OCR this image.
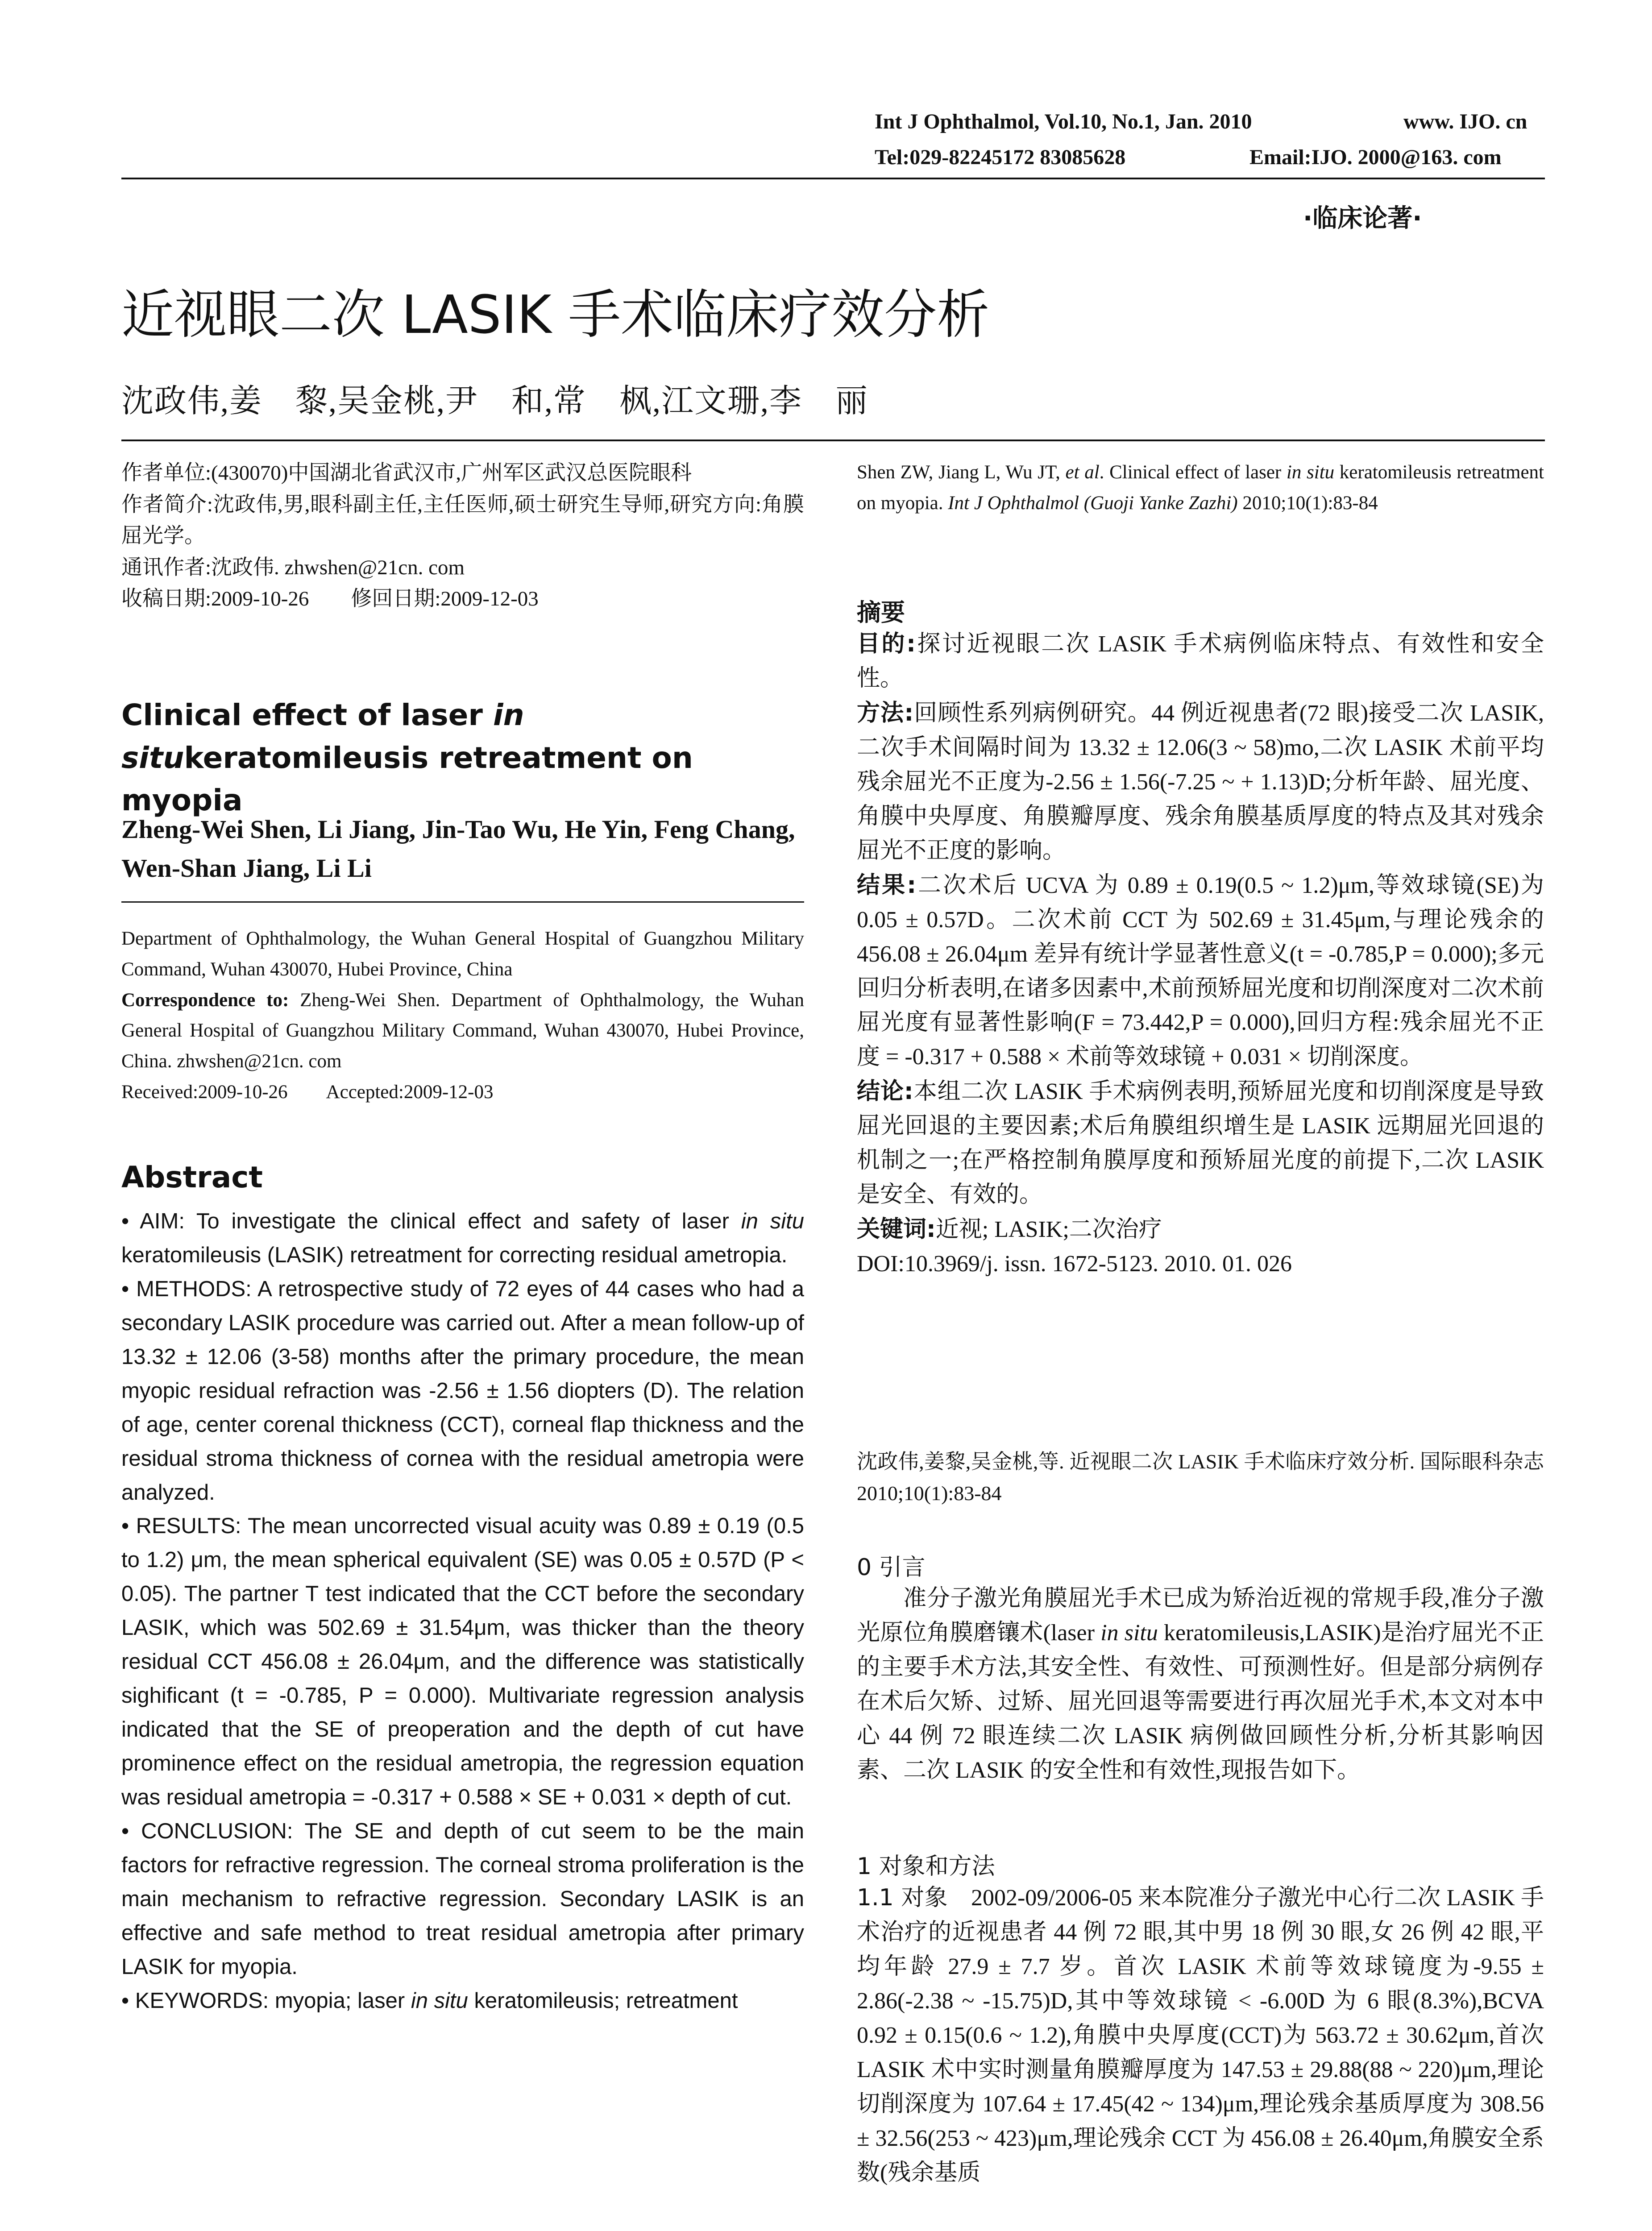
Int J Ophthalmol, Vol.10, No.1, Jan. 2010	www. IJO. cn
Tel:029-82245172 83085628	Email:IJO. 2000@163. com
·临床论著·
近视眼二次 LASIK 手术临床疗效分析
沈政伟,姜　黎,吴金桃,尹　和,常　枫,江文珊,李　丽

作者单位:(430070)中国湖北省武汉市,广州军区武汉总医院眼科

作者简介:沈政伟,男,眼科副主任,主任医师,硕士研究生导师,研究方向:角膜屈光学。

通讯作者:沈政伟. zhwshen@21cn. com

收稿日期:2009-10-26　　修回日期:2009-12-03

Clinical effect of laser in situkeratomileusis retreatment on myopia
Zheng-Wei Shen, Li Jiang, Jin-Tao Wu, He Yin, Feng Chang, Wen-Shan Jiang, Li Li

Department of Ophthalmology, the Wuhan General Hospital of Guangzhou Military Command, Wuhan 430070, Hubei Province, China

Correspondence to: Zheng-Wei Shen. Department of Ophthalmology, the Wuhan General Hospital of Guangzhou Military Command, Wuhan 430070, Hubei Province, China. zhwshen@21cn. com

Received:2009-10-26　　Accepted:2009-12-03

Abstract

• AIM: To investigate the clinical effect and safety of laser in situ keratomileusis (LASIK) retreatment for correcting residual ametropia.

• METHODS: A retrospective study of 72 eyes of 44 cases who had a secondary LASIK procedure was carried out. After a mean follow-up of 13.32 ± 12.06 (3-58) months after the primary procedure, the mean myopic residual refraction was -2.56 ± 1.56 diopters (D). The relation of age, center corenal thickness (CCT), corneal flap thickness and the residual stroma thickness of cornea with the residual ametropia were analyzed.

• RESULTS: The mean uncorrected visual acuity was 0.89 ± 0.19 (0.5 to 1.2) μm, the mean spherical equivalent (SE) was 0.05 ± 0.57D (P < 0.05). The partner T test indicated that the CCT before the secondary LASIK, which was 502.69 ± 31.54μm, was thicker than the theory residual CCT 456.08 ± 26.04μm, and the difference was statistically sighificant (t = -0.785, P = 0.000). Multivariate regression analysis indicated that the SE of preoperation and the depth of cut have prominence effect on the residual ametropia, the regression equation was residual ametropia = -0.317 + 0.588 × SE + 0.031 × depth of cut.

• CONCLUSION: The SE and depth of cut seem to be the main factors for refractive regression. The corneal stroma proliferation is the main mechanism to refractive regression. Secondary LASIK is an effective and safe method to treat residual ametropia after primary LASIK for myopia.

• KEYWORDS: myopia; laser in situ keratomileusis; retreatment

Shen ZW, Jiang L, Wu JT, et al. Clinical effect of laser in situ keratomileusis retreatment on myopia. Int J Ophthalmol (Guoji Yanke Zazhi) 2010;10(1):83-84
摘要

目的:探讨近视眼二次 LASIK 手术病例临床特点、有效性和安全性。

方法:回顾性系列病例研究。44 例近视患者(72 眼)接受二次 LASIK,二次手术间隔时间为 13.32 ± 12.06(3 ~ 58)mo,二次 LASIK 术前平均残余屈光不正度为-2.56 ± 1.56(-7.25 ~ + 1.13)D;分析年龄、屈光度、角膜中央厚度、角膜瓣厚度、残余角膜基质厚度的特点及其对残余屈光不正度的影响。

结果:二次术后 UCVA 为 0.89 ± 0.19(0.5 ~ 1.2)μm,等效球镜(SE)为 0.05 ± 0.57D。二次术前 CCT 为 502.69 ± 31.45μm,与理论残余的 456.08 ± 26.04μm 差异有统计学显著性意义(t = -0.785,P = 0.000);多元回归分析表明,在诸多因素中,术前预矫屈光度和切削深度对二次术前屈光度有显著性影响(F = 73.442,P = 0.000),回归方程:残余屈光不正度 = -0.317 + 0.588 × 术前等效球镜 + 0.031 × 切削深度。

结论:本组二次 LASIK 手术病例表明,预矫屈光度和切削深度是导致屈光回退的主要因素;术后角膜组织增生是 LASIK 远期屈光回退的机制之一;在严格控制角膜厚度和预矫屈光度的前提下,二次 LASIK 是安全、有效的。

关键词:近视; LASIK;二次治疗

DOI:10.3969/j. issn. 1672-5123. 2010. 01. 026

沈政伟,姜黎,吴金桃,等. 近视眼二次 LASIK 手术临床疗效分析. 国际眼科杂志 2010;10(1):83-84
0 引言
准分子激光角膜屈光手术已成为矫治近视的常规手段,准分子激光原位角膜磨镶术(laser in situ keratomileusis,LASIK)是治疗屈光不正的主要手术方法,其安全性、有效性、可预测性好。但是部分病例存在术后欠矫、过矫、屈光回退等需要进行再次屈光手术,本文对本中心 44 例 72 眼连续二次 LASIK 病例做回顾性分析,分析其影响因素、二次 LASIK 的安全性和有效性,现报告如下。
1 对象和方法
1.1 对象　 2002-09/2006-05 来本院准分子激光中心行二次 LASIK 手术治疗的近视患者 44 例 72 眼,其中男 18 例 30 眼,女 26 例 42 眼,平均年龄 27.9 ± 7.7 岁。首次 LASIK 术前等效球镜度为-9.55 ± 2.86(-2.38 ~ -15.75)D,其中等效球镜 < -6.00D 为 6 眼(8.3%),BCVA 0.92 ± 0.15(0.6 ~ 1.2),角膜中央厚度(CCT)为 563.72 ± 30.62μm,首次 LASIK 术中实时测量角膜瓣厚度为 147.53 ± 29.88(88 ~ 220)μm,理论切削深度为 107.64 ± 17.45(42 ~ 134)μm,理论残余基质厚度为 308.56 ± 32.56(253 ~ 423)μm,理论残余 CCT 为 456.08 ± 26.40μm,角膜安全系数(残余基质
